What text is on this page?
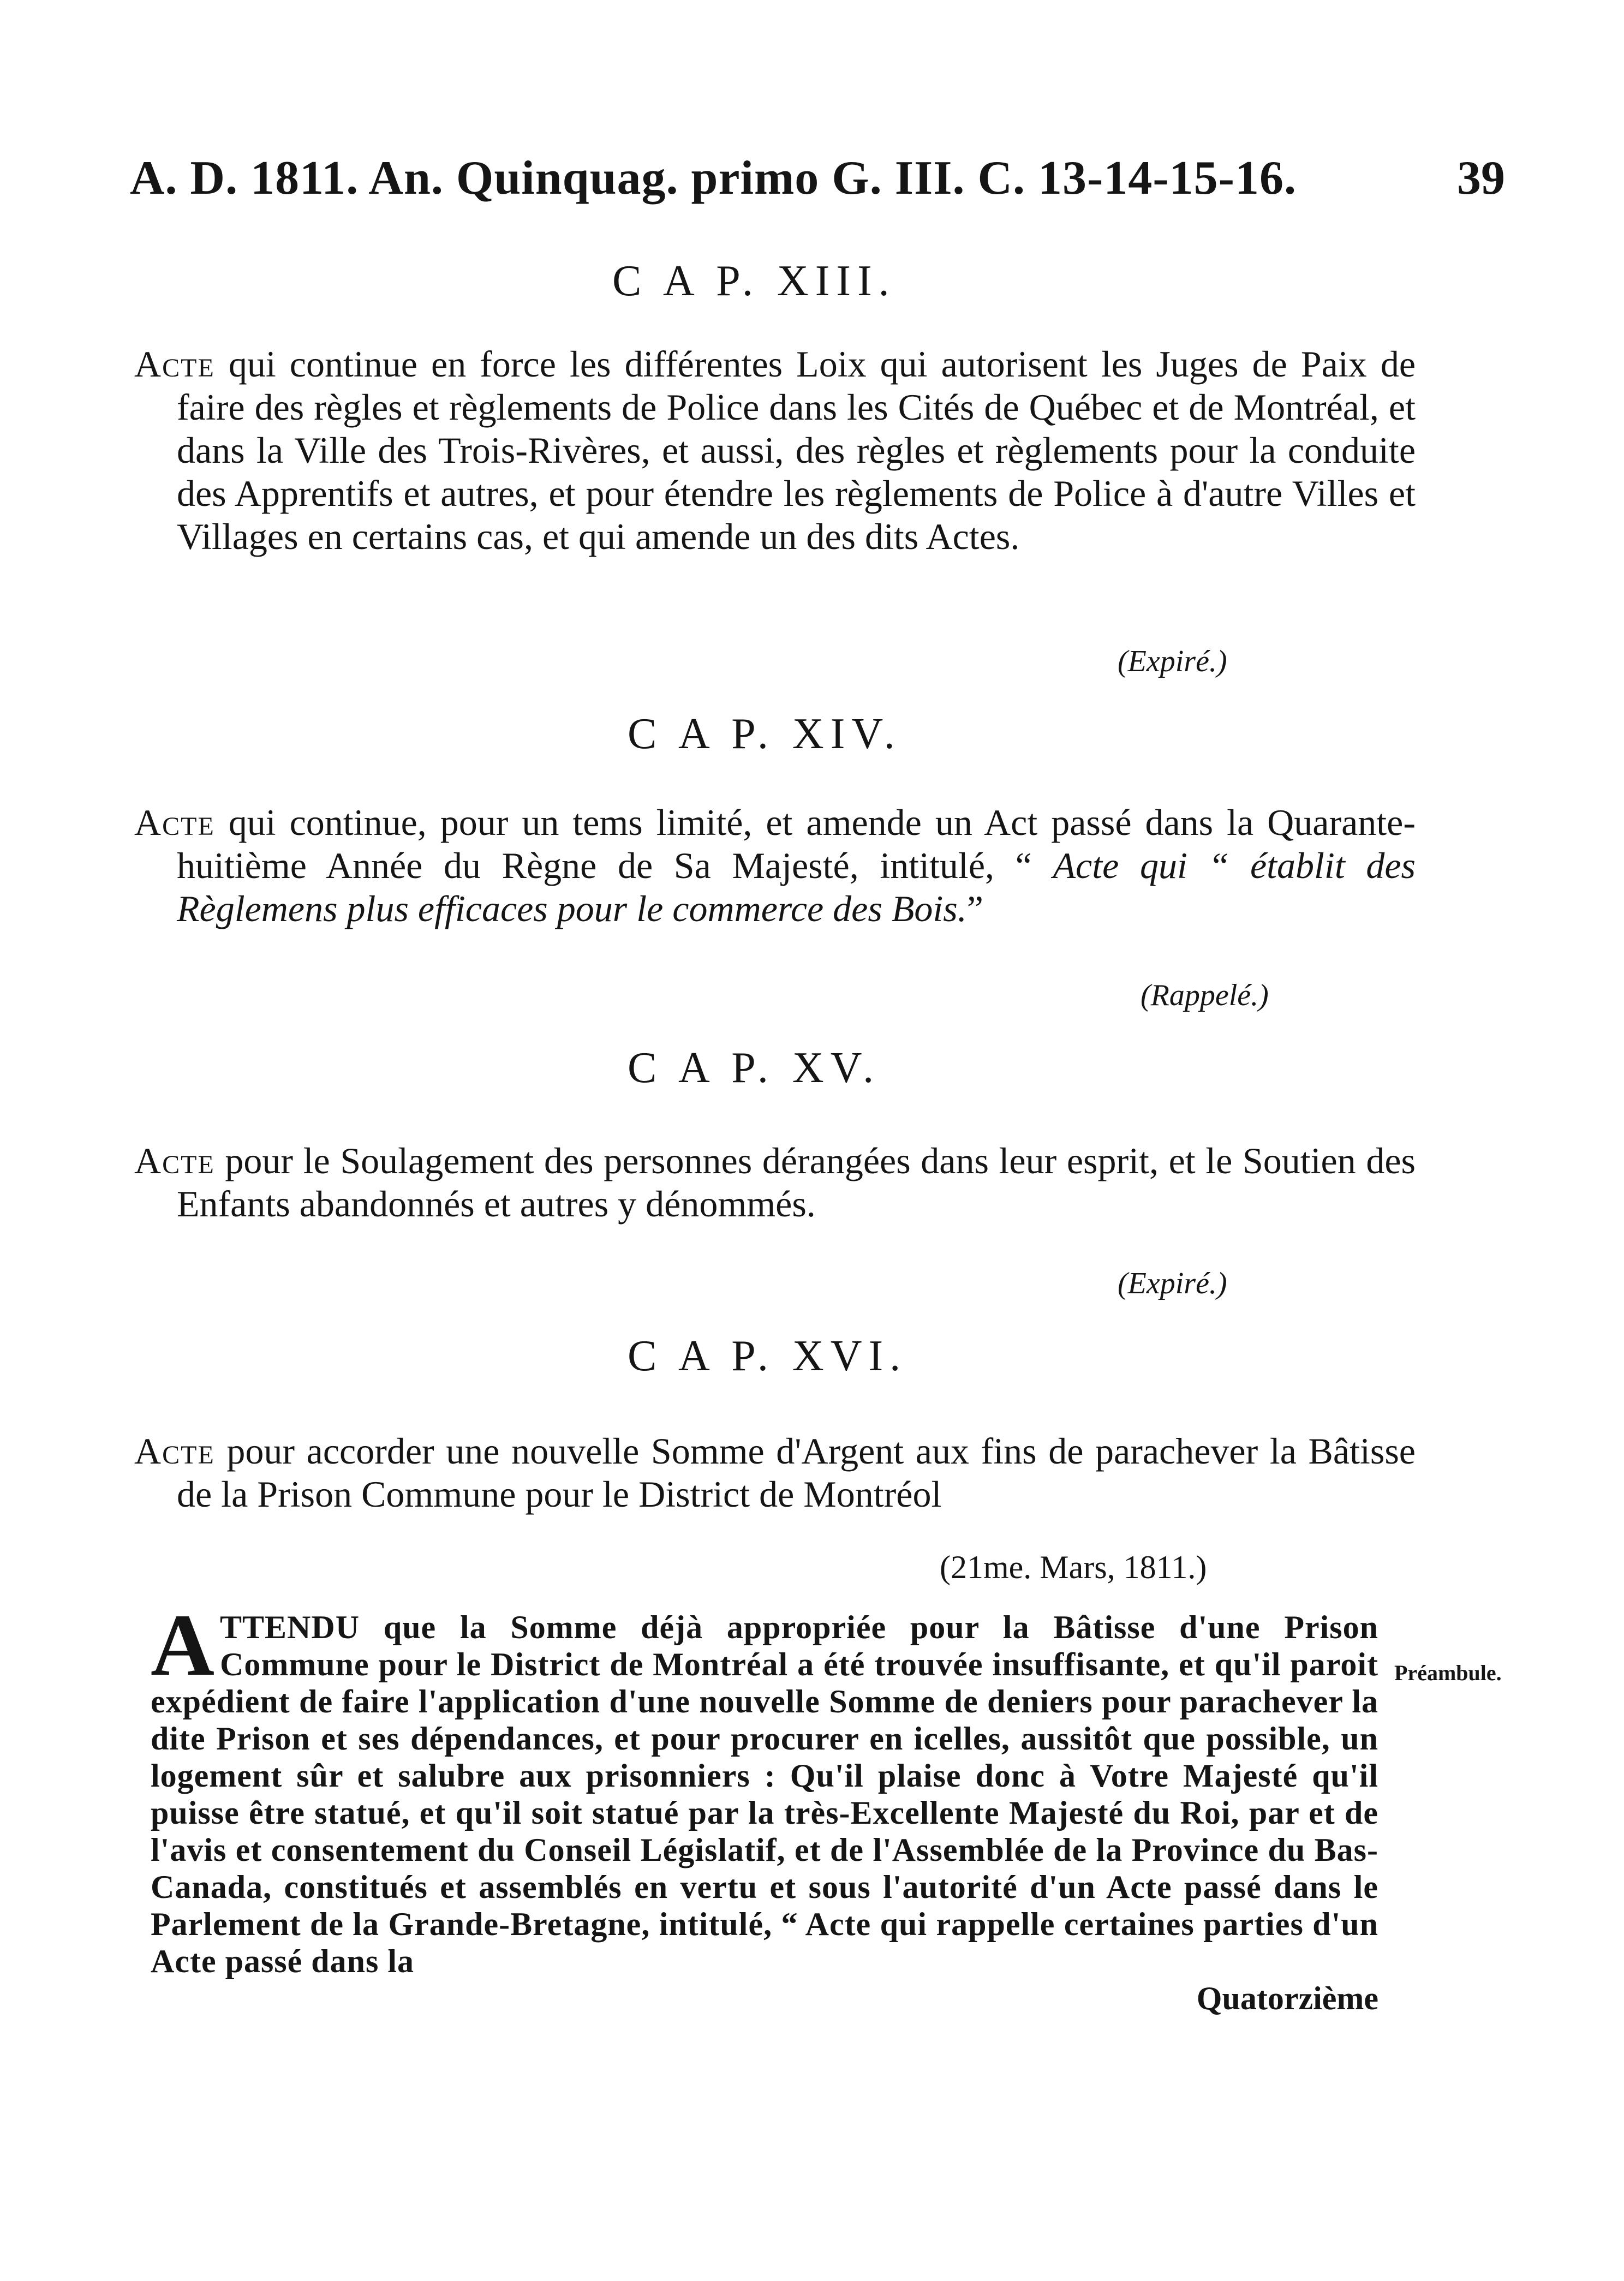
A. D. 1811. An. Quinquag. primo G. III. C. 13-14-15-16.	39
C A P. XIII.
Acte qui continue en force les différentes Loix qui autorisent les Juges de Paix de faire des règles et règlements de Police dans les Cités de Québec et de Montréal, et dans la Ville des Trois-Rivères, et aussi, des règles et règlements pour la conduite des Apprentifs et autres, et pour étendre les règlements de Police à d'autre Villes et Villages en certains cas, et qui amende un des dits Actes.
(Expiré.)
C A P. XIV.
Acte qui continue, pour un tems limité, et amende un Act passé dans la Quarante-huitième Année du Règne de Sa Majesté, intitulé, “ Acte qui “ établit des Règlemens plus efficaces pour le commerce des Bois.”
(Rappelé.)
C A P. XV.
Acte pour le Soulagement des personnes dérangées dans leur esprit, et le Soutien des Enfants abandonnés et autres y dénommés.
(Expiré.)
C A P. XVI.
Acte pour accorder une nouvelle Somme d'Argent aux fins de parachever la Bâtisse de la Prison Commune pour le District de Montréol
(21me. Mars, 1811.)
ATTENDU que la Somme déjà appropriée pour la Bâtisse d'une Prison Commune pour le District de Montréal a été trouvée insuffisante, et qu'il paroit expédient de faire l'application d'une nouvelle Somme de deniers pour parachever la dite Prison et ses dépendances, et pour procurer en icelles, aussitôt que possible, un logement sûr et salubre aux prisonniers : Qu'il plaise donc à Votre Majesté qu'il puisse être statué, et qu'il soit statué par la très-Excellente Majesté du Roi, par et de l'avis et consentement du Conseil Législatif, et de l'Assemblée de la Province du Bas-Canada, constitués et assemblés en vertu et sous l'autorité d'un Acte passé dans le Parlement de la Grande-Bretagne, intitulé, “ Acte qui rappelle certaines parties d'un Acte passé dans la
Quatorzième
Préambule.
